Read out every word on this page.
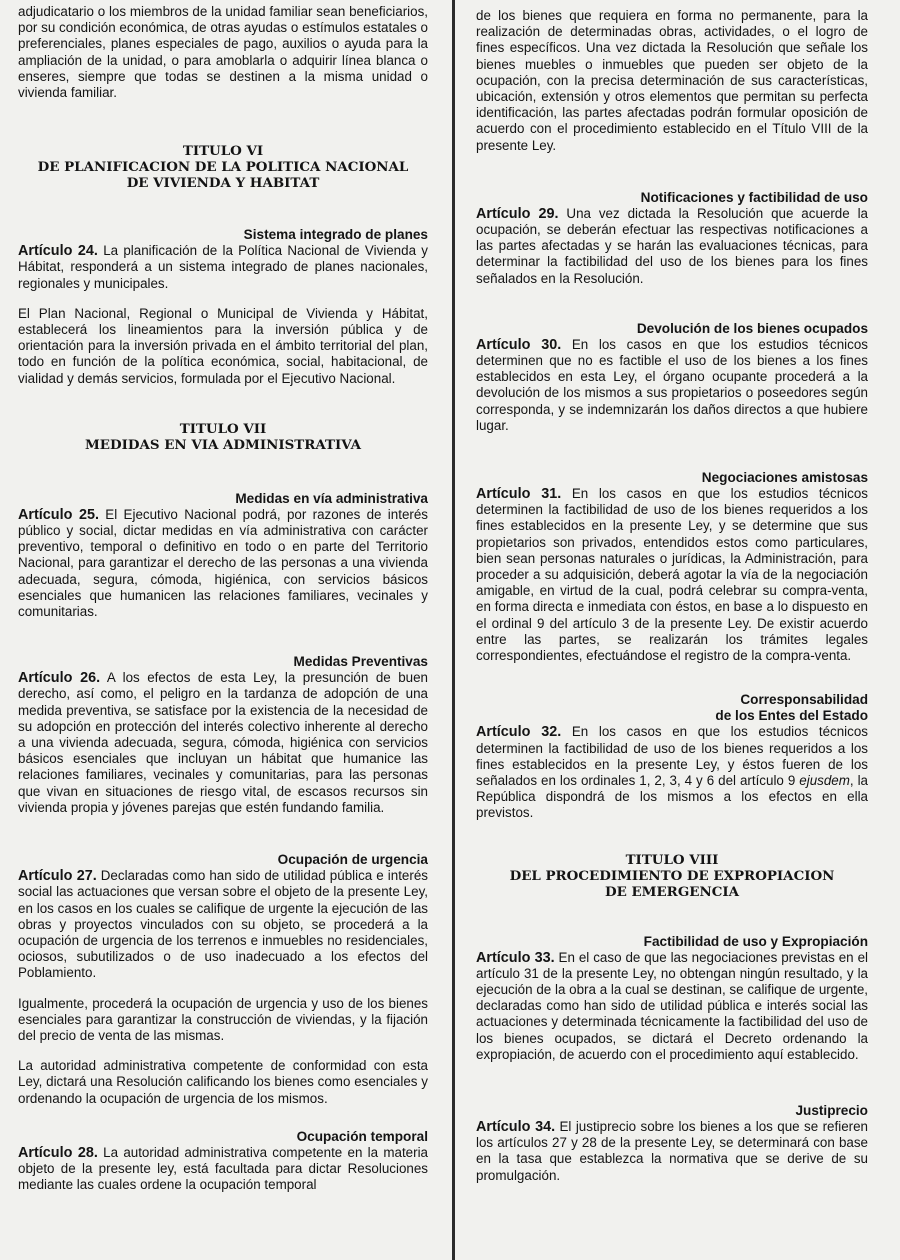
adjudicatario o los miembros de la unidad familiar sean beneficiarios, por su condición económica, de otras ayudas o estímulos estatales o preferenciales, planes especiales de pago, auxilios o ayuda para la ampliación de la unidad, o para amoblarla o adquirir línea blanca o enseres, siempre que todas se destinen a la misma unidad o vivienda familiar.

TITULO VI
DE PLANIFICACION DE LA POLITICA NACIONAL
DE VIVIENDA Y HABITAT
Sistema integrado de planes

Artículo 24. La planificación de la Política Nacional de Vivienda y Hábitat, responderá a un sistema integrado de planes nacionales, regionales y municipales.

El Plan Nacional, Regional o Municipal de Vivienda y Hábitat, establecerá los lineamientos para la inversión pública y de orientación para la inversión privada en el ámbito territorial del plan, todo en función de la política económica, social, habitacional, de vialidad y demás servicios, formulada por el Ejecutivo Nacional.

TITULO VII
MEDIDAS EN VIA ADMINISTRATIVA
Medidas en vía administrativa

Artículo 25. El Ejecutivo Nacional podrá, por razones de interés público y social, dictar medidas en vía administrativa con carácter preventivo, temporal o definitivo en todo o en parte del Territorio Nacional, para garantizar el derecho de las personas a una vivienda adecuada, segura, cómoda, higiénica, con servicios básicos esenciales que humanicen las relaciones familiares, vecinales y comunitarias.

Medidas Preventivas

Artículo 26. A los efectos de esta Ley, la presunción de buen derecho, así como, el peligro en la tardanza de adopción de una medida preventiva, se satisface por la existencia de la necesidad de su adopción en protección del interés colectivo inherente al derecho a una vivienda adecuada, segura, cómoda, higiénica con servicios básicos esenciales que incluyan un hábitat que humanice las relaciones familiares, vecinales y comunitarias, para las personas que vivan en situaciones de riesgo vital, de escasos recursos sin vivienda propia y jóvenes parejas que estén fundando familia.

Ocupación de urgencia

Artículo 27. Declaradas como han sido de utilidad pública e interés social las actuaciones que versan sobre el objeto de la presente Ley, en los casos en los cuales se califique de urgente la ejecución de las obras y proyectos vinculados con su objeto, se procederá a la ocupación de urgencia de los terrenos e inmuebles no residenciales, ociosos, subutilizados o de uso inadecuado a los efectos del Poblamiento.

Igualmente, procederá la ocupación de urgencia y uso de los bienes esenciales para garantizar la construcción de viviendas, y la fijación del precio de venta de las mismas.

La autoridad administrativa competente de conformidad con esta Ley, dictará una Resolución calificando los bienes como esenciales y ordenando la ocupación de urgencia de los mismos.

Ocupación temporal

Artículo 28. La autoridad administrativa competente en la materia objeto de la presente ley, está facultada para dictar Resoluciones mediante las cuales ordene la ocupación temporal

de los bienes que requiera en forma no permanente, para la realización de determinadas obras, actividades, o el logro de fines específicos. Una vez dictada la Resolución que señale los bienes muebles o inmuebles que pueden ser objeto de la ocupación, con la precisa determinación de sus características, ubicación, extensión y otros elementos que permitan su perfecta identificación, las partes afectadas podrán formular oposición de acuerdo con el procedimiento establecido en el Título VIII de la presente Ley.

Notificaciones y factibilidad de uso

Artículo 29. Una vez dictada la Resolución que acuerde la ocupación, se deberán efectuar las respectivas notificaciones a las partes afectadas y se harán las evaluaciones técnicas, para determinar la factibilidad del uso de los bienes para los fines señalados en la Resolución.

Devolución de los bienes ocupados

Artículo 30. En los casos en que los estudios técnicos determinen que no es factible el uso de los bienes a los fines establecidos en esta Ley, el órgano ocupante procederá a la devolución de los mismos a sus propietarios o poseedores según corresponda, y se indemnizarán los daños directos a que hubiere lugar.

Negociaciones amistosas

Artículo 31. En los casos en que los estudios técnicos determinen la factibilidad de uso de los bienes requeridos a los fines establecidos en la presente Ley, y se determine que sus propietarios son privados, entendidos estos como particulares, bien sean personas naturales o jurídicas, la Administración, para proceder a su adquisición, deberá agotar la vía de la negociación amigable, en virtud de la cual, podrá celebrar su compra-venta, en forma directa e inmediata con éstos, en base a lo dispuesto en el ordinal 9 del artículo 3 de la presente Ley. De existir acuerdo entre las partes, se realizarán los trámites legales correspondientes, efectuándose el registro de la compra-venta.

Corresponsabilidad
de los Entes del Estado

Artículo 32. En los casos en que los estudios técnicos determinen la factibilidad de uso de los bienes requeridos a los fines establecidos en la presente Ley, y éstos fueren de los señalados en los ordinales 1, 2, 3, 4 y 6 del artículo 9 ejusdem, la República dispondrá de los mismos a los efectos en ella previstos.

TITULO VIII
DEL PROCEDIMIENTO DE EXPROPIACION
DE EMERGENCIA
Factibilidad de uso y Expropiación

Artículo 33. En el caso de que las negociaciones previstas en el artículo 31 de la presente Ley, no obtengan ningún resultado, y la ejecución de la obra a la cual se destinan, se califique de urgente, declaradas como han sido de utilidad pública e interés social las actuaciones y determinada técnicamente la factibilidad del uso de los bienes ocupados, se dictará el Decreto ordenando la expropiación, de acuerdo con el procedimiento aquí establecido.

Justiprecio

Artículo 34. El justiprecio sobre los bienes a los que se refieren los artículos 27 y 28 de la presente Ley, se determinará con base en la tasa que establezca la normativa que se derive de su promulgación.
